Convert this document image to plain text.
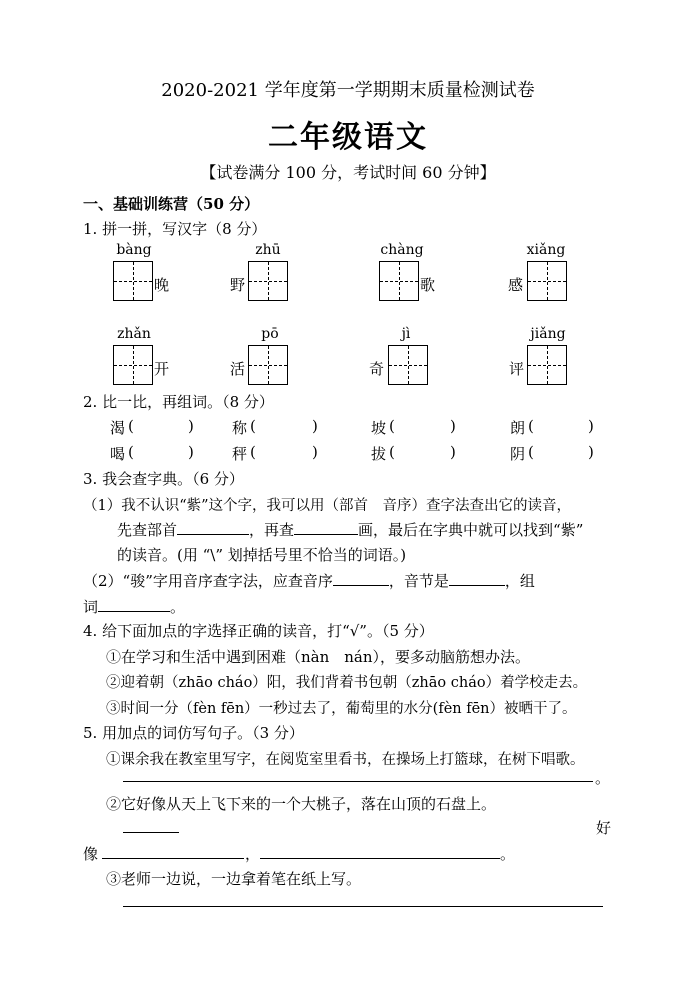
2020-2021 学年度第一学期期末质量检测试卷
二年级语文
【试卷满分 100 分，考试时间 60 分钟】
一、基础训练营（50 分）
1. 拼一拼，写汉字（8 分）
bàng
晚
zhū
野
chàng
歌
xiǎng
感
zhǎn
开
pō
活
jì
奇
jiǎng
评
2. 比一比，再组词。（8 分）
渴 (	)	称 (	)	坡 (	)	朗 (	)
喝 (	)	秤 (	)	拔 (	)	阴 (	)
3. 我会查字典。（6 分）
（1）我不认识“紫”这个字，我可以用（部首　音序）查字法查出它的读音，
先查部首	，再查	画，最后在字典中就可以找到“紫”
的读音。(用 “\” 划掉括号里不恰当的词语。)
（2）“骏”字用音序查字法，应查音序	，音节是	，组
词	。
4. 给下面加点的字选择正确的读音，打“√”。（5 分）
①在学习和生活中遇到困难（nàn　nán），要多动脑筋想办法。
②迎着朝（zhāo cháo）阳，我们背着书包朝（zhāo cháo）着学校走去。
③时间一分（fèn fēn）一秒过去了，葡萄里的水分(fèn fēn）被晒干了。
5. 用加点的词仿写句子。（3 分）
①课余我在教室里写字，在阅览室里看书，在操场上打篮球，在树下唱歌。
。
②它好像从天上飞下来的一个大桃子，落在山顶的石盘上。
好
像	，	。
③老师一边说，一边拿着笔在纸上写。
